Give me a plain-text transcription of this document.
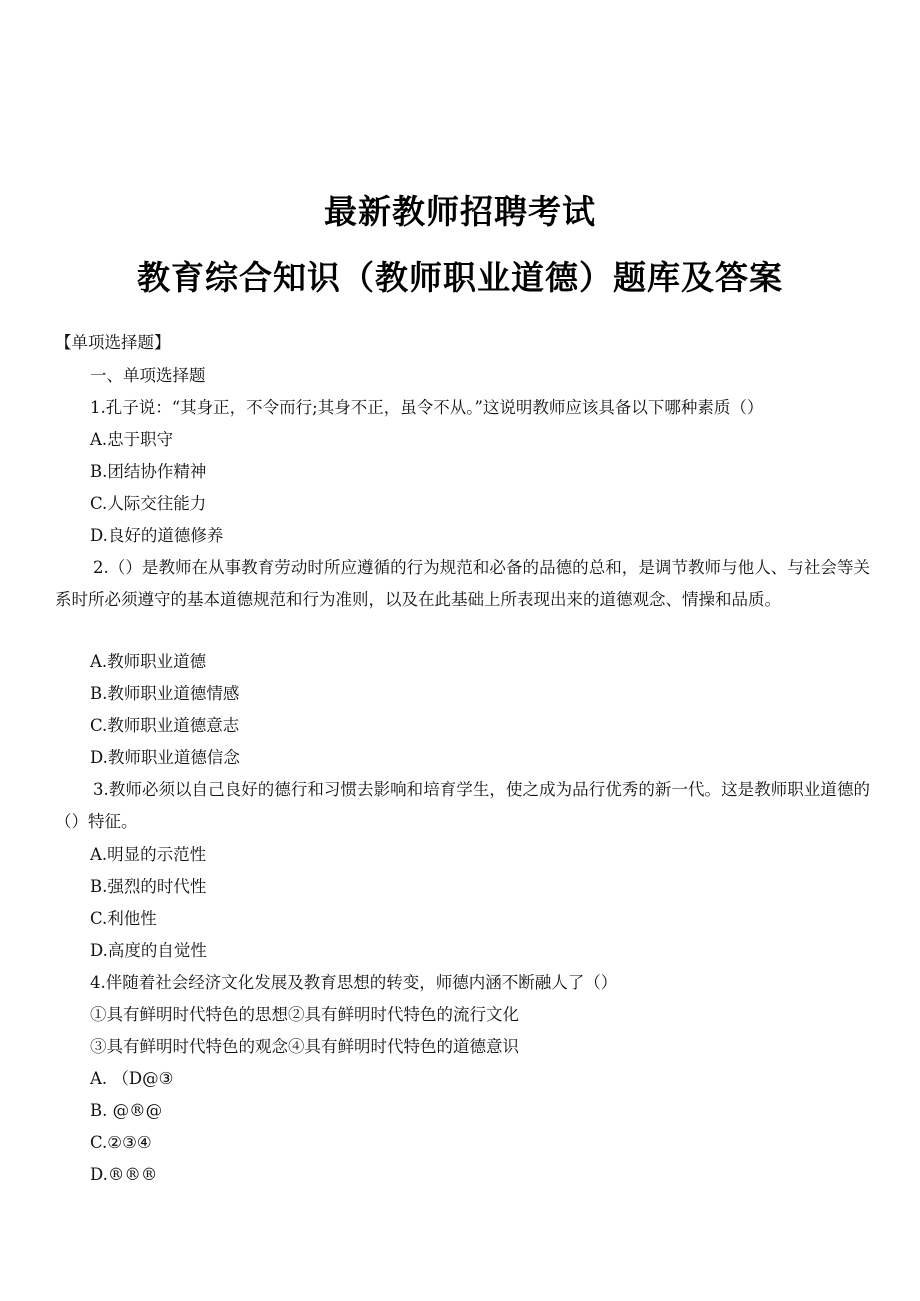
最新教师招聘考试
教育综合知识（教师职业道德）题库及答案
【单项选择题】
一、单项选择题
1.孔子说：“其身正，不令而行;其身不正，虽令不从。”这说明教师应该具备以下哪种素质（）
A.忠于职守
B.团结协作精神
C.人际交往能力
D.良好的道德修养
2.（）是教师在从事教育劳动时所应遵循的行为规范和必备的品德的总和，是调节教师与他人、与社会等关系时所必须遵守的基本道德规范和行为准则，以及在此基础上所表现出来的道德观念、情操和品质。
A.教师职业道德
B.教师职业道德情感
C.教师职业道德意志
D.教师职业道德信念
3.教师必须以自己良好的德行和习惯去影响和培育学生，使之成为品行优秀的新一代。这是教师职业道德的（）特征。
A.明显的示范性
B.强烈的时代性
C.利他性
D.高度的自觉性
4.伴随着社会经济文化发展及教育思想的转变，师德内涵不断融人了（）
①具有鲜明时代特色的思想②具有鲜明时代特色的流行文化
③具有鲜明时代特色的观念④具有鲜明时代特色的道德意识
A. （D@③
B. @®@
C.②③④
D.®®®
